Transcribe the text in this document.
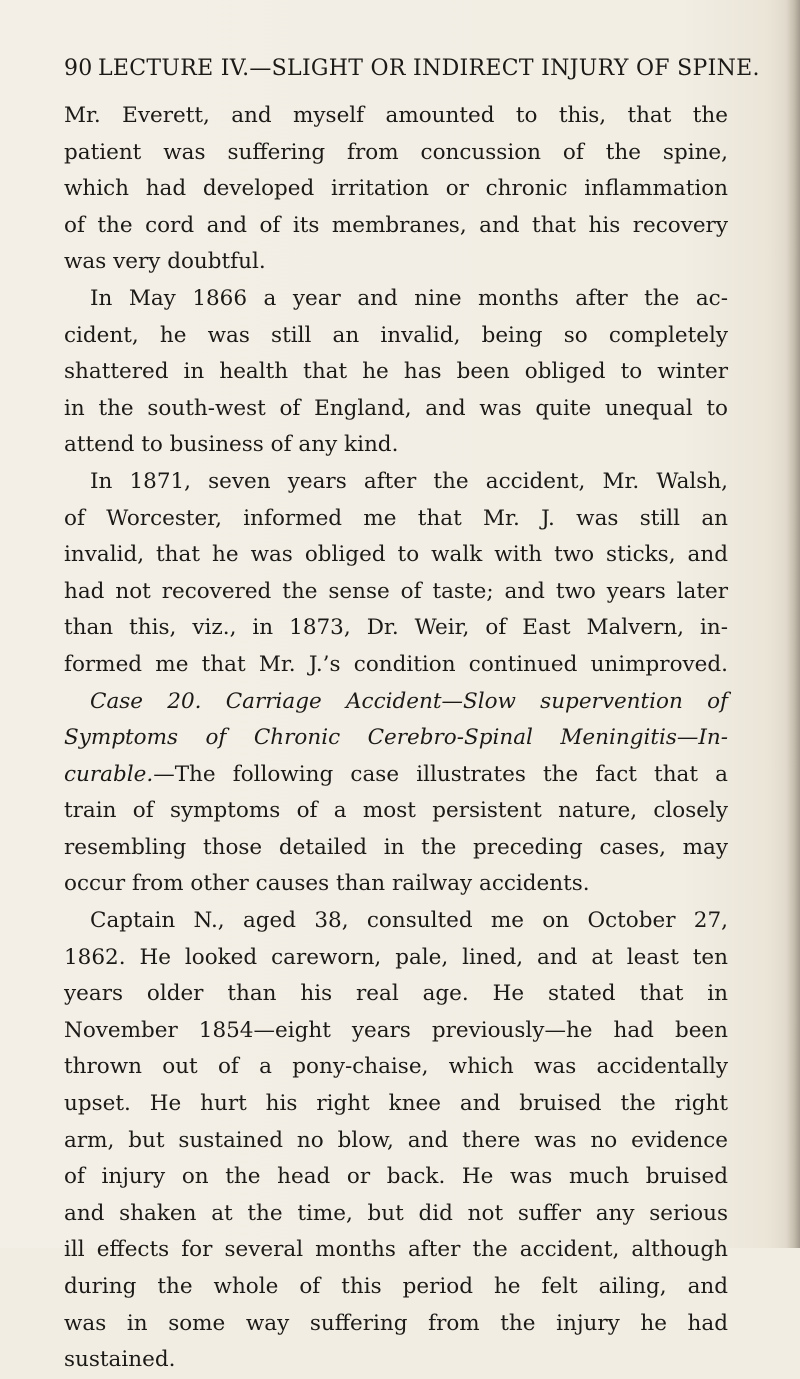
90 LECTURE IV.—SLIGHT OR INDIRECT INJURY OF SPINE.
Mr. Everett, and myself amounted to this, that the
patient was suffering from concussion of the spine,
which had developed irritation or chronic inflammation
of the cord and of its membranes, and that his recovery
was very doubtful.
In May 1866 a year and nine months after the ac-
cident, he was still an invalid, being so completely
shattered in health that he has been obliged to winter
in the south-west of England, and was quite unequal to
attend to business of any kind.
In 1871, seven years after the accident, Mr. Walsh,
of Worcester, informed me that Mr. J. was still an
invalid, that he was obliged to walk with two sticks, and
had not recovered the sense of taste; and two years later
than this, viz., in 1873, Dr. Weir, of East Malvern, in-
formed me that Mr. J.’s condition continued unimproved.
Case 20. Carriage Accident—Slow supervention of
Symptoms of Chronic Cerebro-Spinal Meningitis—In-
curable.—The following case illustrates the fact that a
train of symptoms of a most persistent nature, closely
resembling those detailed in the preceding cases, may
occur from other causes than railway accidents.
Captain N., aged 38, consulted me on October 27,
1862. He looked careworn, pale, lined, and at least ten
years older than his real age. He stated that in
November 1854—eight years previously—he had been
thrown out of a pony-chaise, which was accidentally
upset. He hurt his right knee and bruised the right
arm, but sustained no blow, and there was no evidence
of injury on the head or back. He was much bruised
and shaken at the time, but did not suffer any serious
ill effects for several months after the accident, although
during the whole of this period he felt ailing, and
was in some way suffering from the injury he had
sustained.
